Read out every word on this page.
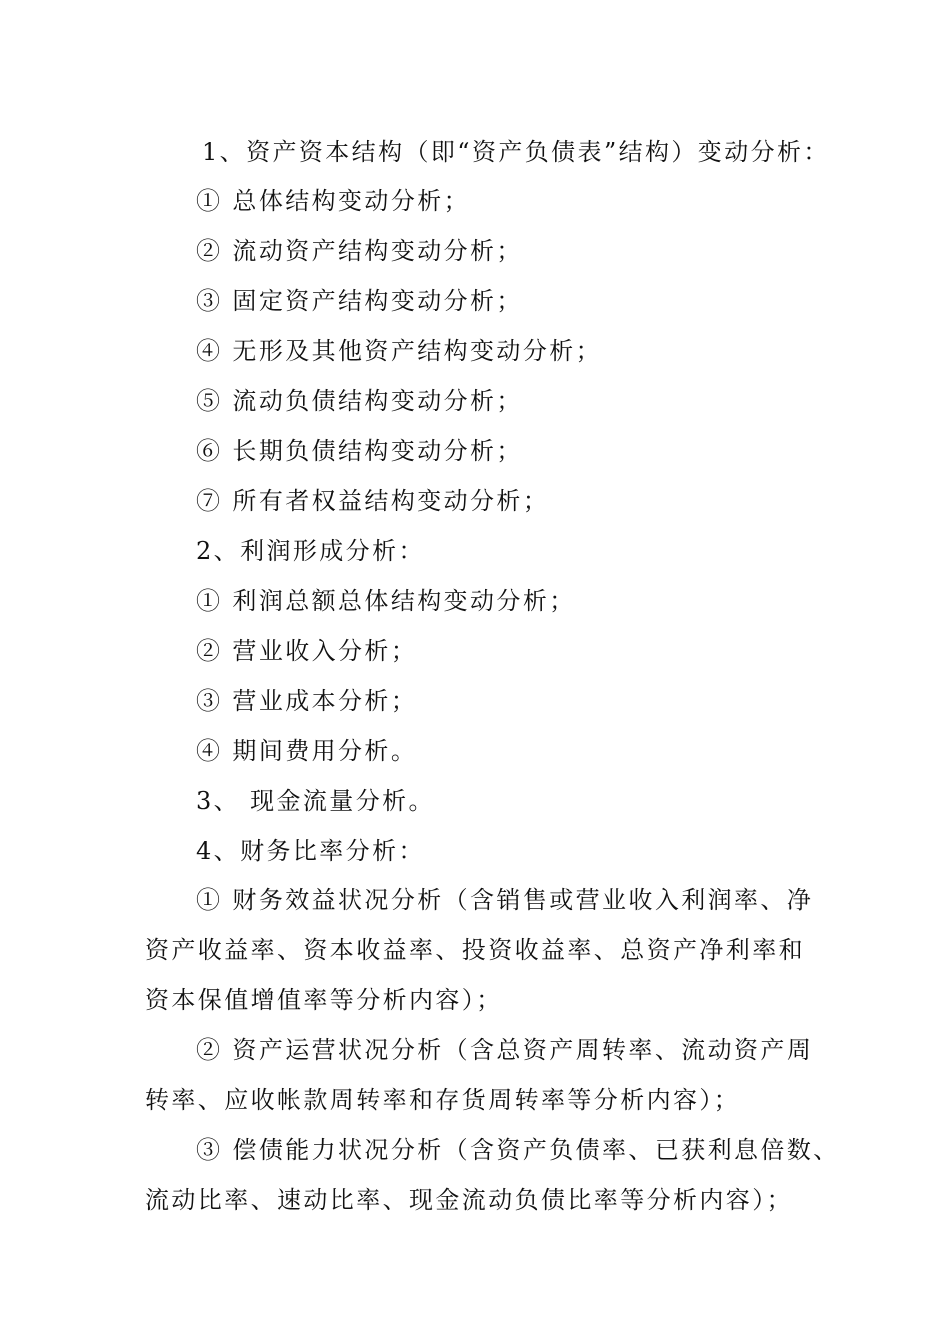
1、资产资本结构（即“资产负债表”结构）变动分析：
① 总体结构变动分析；
② 流动资产结构变动分析；
③ 固定资产结构变动分析；
④ 无形及其他资产结构变动分析；
⑤ 流动负债结构变动分析；
⑥ 长期负债结构变动分析；
⑦ 所有者权益结构变动分析；
2、利润形成分析：
① 利润总额总体结构变动分析；
② 营业收入分析；
③ 营业成本分析；
④ 期间费用分析。
3、 现金流量分析。
4、财务比率分析：
① 财务效益状况分析（含销售或营业收入利润率、净
资产收益率、资本收益率、投资收益率、总资产净利率和
资本保值增值率等分析内容）；
② 资产运营状况分析（含总资产周转率、流动资产周
转率、应收帐款周转率和存货周转率等分析内容）；
③ 偿债能力状况分析（含资产负债率、已获利息倍数、
流动比率、速动比率、现金流动负债比率等分析内容）；
